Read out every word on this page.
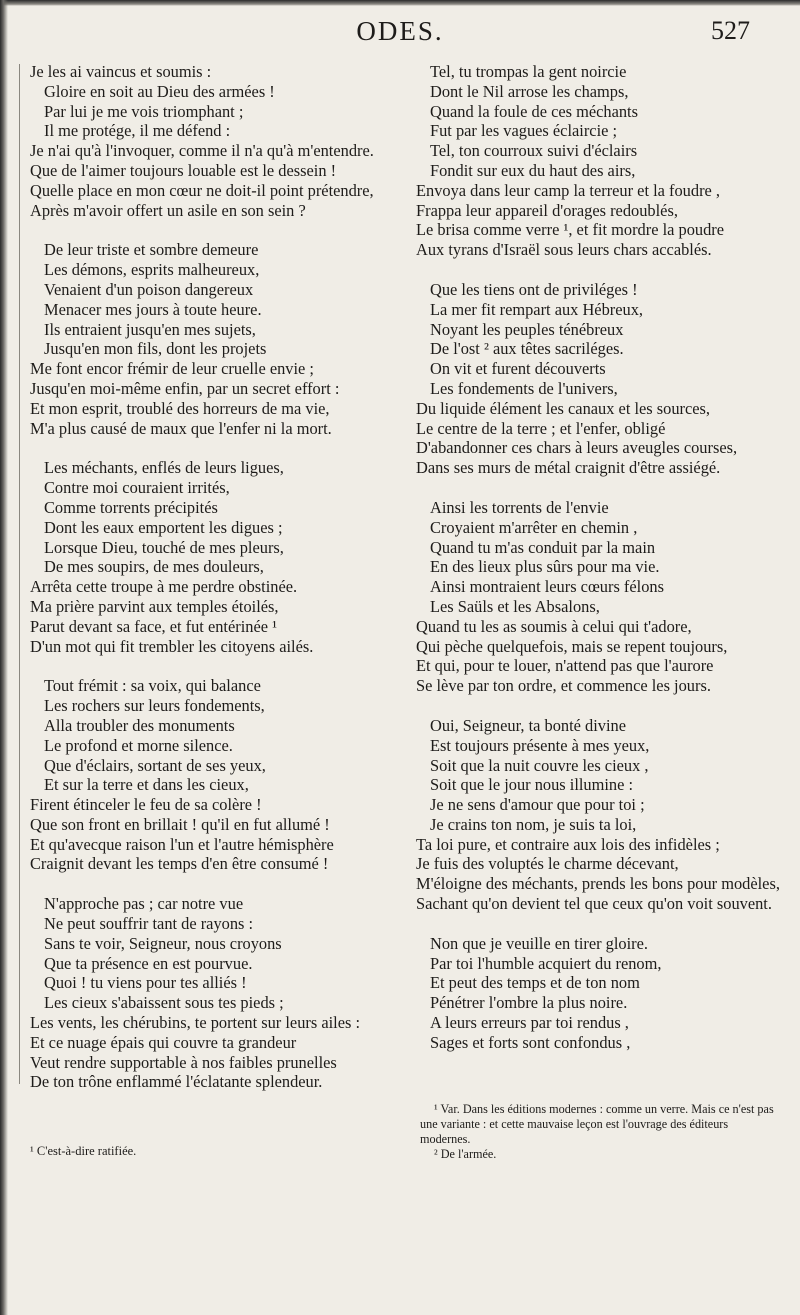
ODES.	527
Je les ai vaincus et soumis :
Gloire en soit au Dieu des armées !
Par lui je me vois triomphant ;
Il me protége, il me défend :
Je n'ai qu'à l'invoquer, comme il n'a qu'à m'entendre.
Que de l'aimer toujours louable est le dessein !
Quelle place en mon cœur ne doit-il point prétendre,
Après m'avoir offert un asile en son sein ?
De leur triste et sombre demeure
Les démons, esprits malheureux,
Venaient d'un poison dangereux
Menacer mes jours à toute heure.
Ils entraient jusqu'en mes sujets,
Jusqu'en mon fils, dont les projets
Me font encor frémir de leur cruelle envie ;
Jusqu'en moi-même enfin, par un secret effort :
Et mon esprit, troublé des horreurs de ma vie,
M'a plus causé de maux que l'enfer ni la mort.
Les méchants, enflés de leurs ligues,
Contre moi couraient irrités,
Comme torrents précipités
Dont les eaux emportent les digues ;
Lorsque Dieu, touché de mes pleurs,
De mes soupirs, de mes douleurs,
Arrêta cette troupe à me perdre obstinée.
Ma prière parvint aux temples étoilés,
Parut devant sa face, et fut entérinée ¹
D'un mot qui fit trembler les citoyens ailés.
Tout frémit : sa voix, qui balance
Les rochers sur leurs fondements,
Alla troubler des monuments
Le profond et morne silence.
Que d'éclairs, sortant de ses yeux,
Et sur la terre et dans les cieux,
Firent étinceler le feu de sa colère !
Que son front en brillait ! qu'il en fut allumé !
Et qu'avecque raison l'un et l'autre hémisphère
Craignit devant les temps d'en être consumé !
N'approche pas ; car notre vue
Ne peut souffrir tant de rayons :
Sans te voir, Seigneur, nous croyons
Que ta présence en est pourvue.
Quoi ! tu viens pour tes alliés !
Les cieux s'abaissent sous tes pieds ;
Les vents, les chérubins, te portent sur leurs ailes :
Et ce nuage épais qui couvre ta grandeur
Veut rendre supportable à nos faibles prunelles
De ton trône enflammé l'éclatante splendeur.
Tel, tu trompas la gent noircie
Dont le Nil arrose les champs,
Quand la foule de ces méchants
Fut par les vagues éclaircie ;
Tel, ton courroux suivi d'éclairs
Fondit sur eux du haut des airs,
Envoya dans leur camp la terreur et la foudre ,
Frappa leur appareil d'orages redoublés,
Le brisa comme verre ¹, et fit mordre la poudre
Aux tyrans d'Israël sous leurs chars accablés.
Que les tiens ont de priviléges !
La mer fit rempart aux Hébreux,
Noyant les peuples ténébreux
De l'ost ² aux têtes sacriléges.
On vit et furent découverts
Les fondements de l'univers,
Du liquide élément les canaux et les sources,
Le centre de la terre ; et l'enfer, obligé
D'abandonner ces chars à leurs aveugles courses,
Dans ses murs de métal craignit d'être assiégé.
Ainsi les torrents de l'envie
Croyaient m'arrêter en chemin ,
Quand tu m'as conduit par la main
En des lieux plus sûrs pour ma vie.
Ainsi montraient leurs cœurs félons
Les Saüls et les Absalons,
Quand tu les as soumis à celui qui t'adore,
Qui pèche quelquefois, mais se repent toujours,
Et qui, pour te louer, n'attend pas que l'aurore
Se lève par ton ordre, et commence les jours.
Oui, Seigneur, ta bonté divine
Est toujours présente à mes yeux,
Soit que la nuit couvre les cieux ,
Soit que le jour nous illumine :
Je ne sens d'amour que pour toi ;
Je crains ton nom, je suis ta loi,
Ta loi pure, et contraire aux lois des infidèles ;
Je fuis des voluptés le charme décevant,
M'éloigne des méchants, prends les bons pour modèles,
Sachant qu'on devient tel que ceux qu'on voit souvent.
Non que je veuille en tirer gloire.
Par toi l'humble acquiert du renom,
Et peut des temps et de ton nom
Pénétrer l'ombre la plus noire.
A leurs erreurs par toi rendus ,
Sages et forts sont confondus ,
¹ C'est-à-dire ratifiée.
¹ Var. Dans les éditions modernes : comme un verre. Mais ce n'est pas une variante : et cette mauvaise leçon est l'ouvrage des éditeurs modernes.
² De l'armée.
